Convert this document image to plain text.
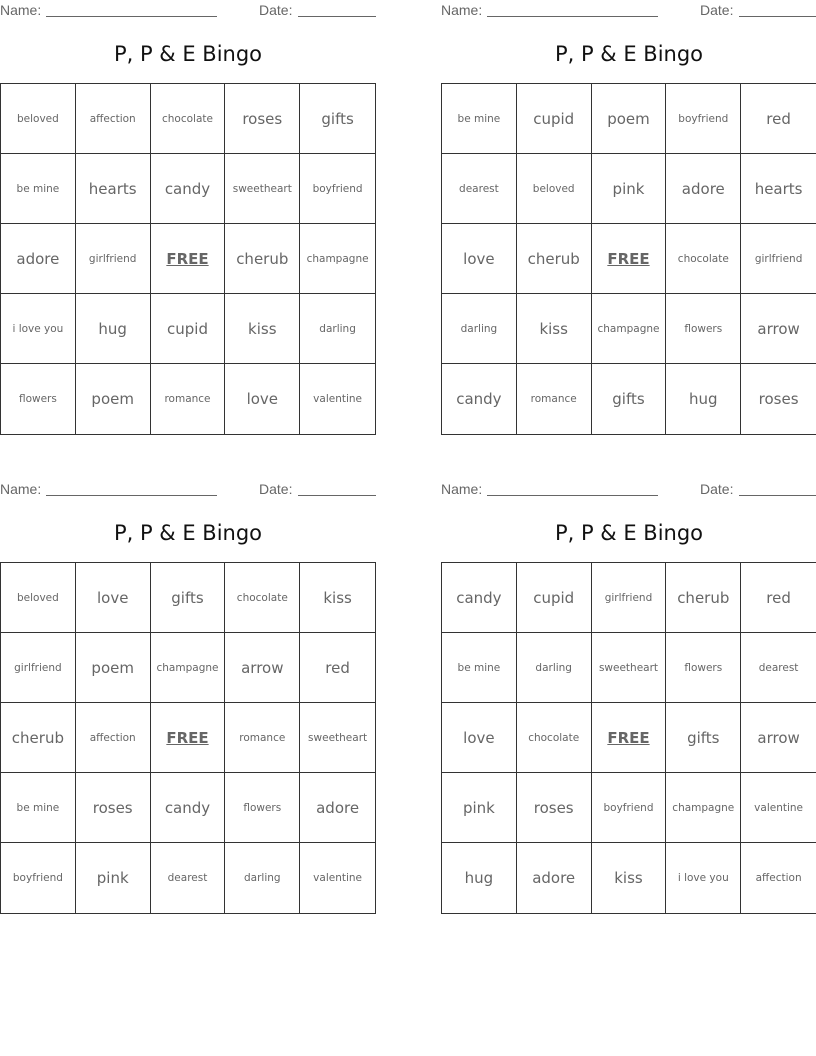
Name:	Date:
P, P & E Bingo
beloved	affection	chocolate	roses	gifts
be mine	hearts	candy	sweetheart	boyfriend
adore	girlfriend	FREE	cherub	champagne
i love you	hug	cupid	kiss	darling
flowers	poem	romance	love	valentine
Name:	Date:
P, P & E Bingo
be mine	cupid	poem	boyfriend	red
dearest	beloved	pink	adore	hearts
love	cherub	FREE	chocolate	girlfriend
darling	kiss	champagne	flowers	arrow
candy	romance	gifts	hug	roses
Name:	Date:
P, P & E Bingo
beloved	love	gifts	chocolate	kiss
girlfriend	poem	champagne	arrow	red
cherub	affection	FREE	romance	sweetheart
be mine	roses	candy	flowers	adore
boyfriend	pink	dearest	darling	valentine
Name:	Date:
P, P & E Bingo
candy	cupid	girlfriend	cherub	red
be mine	darling	sweetheart	flowers	dearest
love	chocolate	FREE	gifts	arrow
pink	roses	boyfriend	champagne	valentine
hug	adore	kiss	i love you	affection
